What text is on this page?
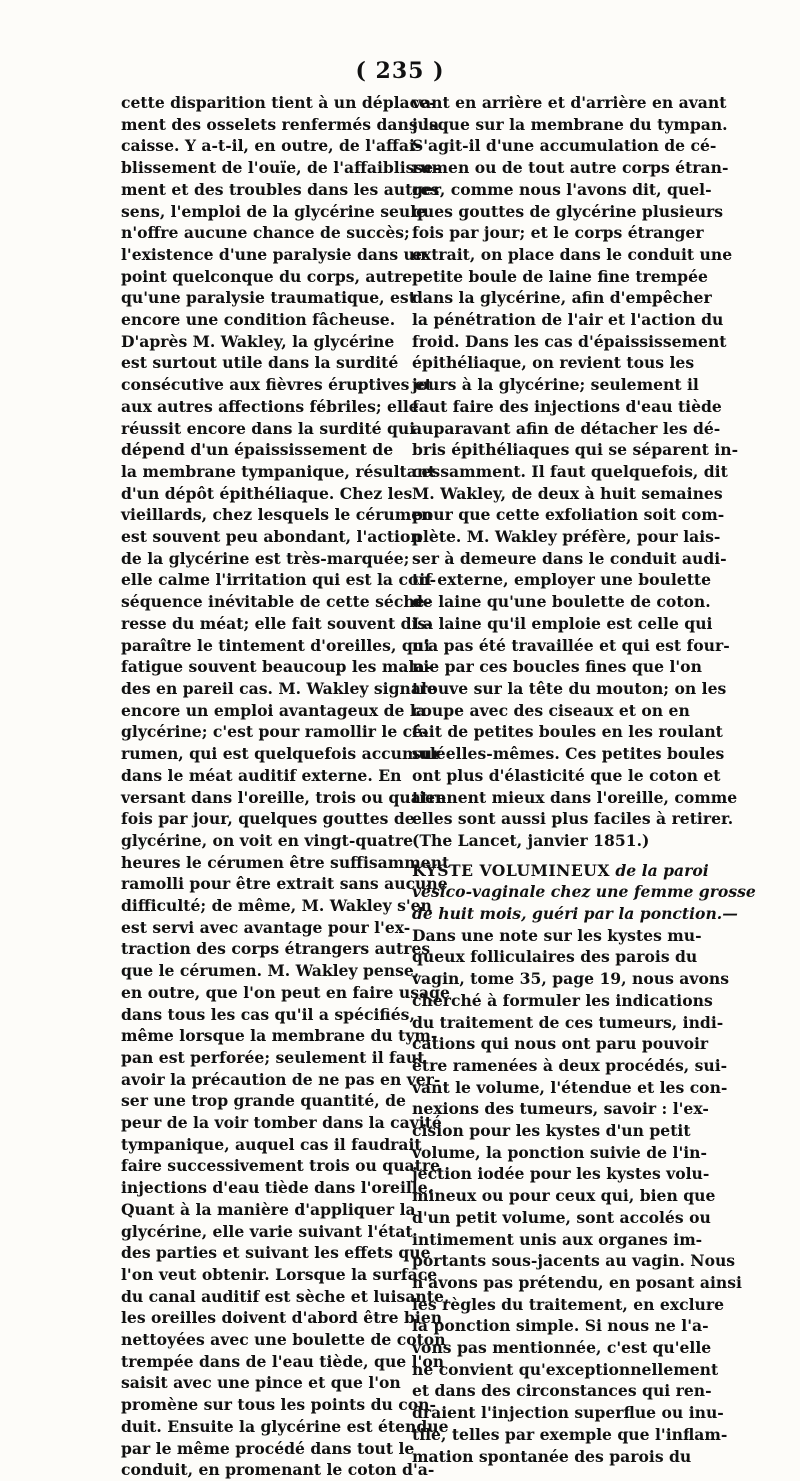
( 235 )
cette disparition tient à un déplace-
ment des osselets renfermés dans la
caisse. Y a-t-il, en outre, de l'affai-
blissement de l'ouïe, de l'affaiblisse-
ment et des troubles dans les autres
sens, l'emploi de la glycérine seule
n'offre aucune chance de succès;
l'existence d'une paralysie dans un
point quelconque du corps, autre
qu'une paralysie traumatique, est
encore une condition fâcheuse.
D'après M. Wakley, la glycérine
est surtout utile dans la surdité
consécutive aux fièvres éruptives et
aux autres affections fébriles; elle
réussit encore dans la surdité qui
dépend d'un épaississement de
la membrane tympanique, résultant
d'un dépôt épithéliaque. Chez les
vieillards, chez lesquels le cérumen
est souvent peu abondant, l'action
de la glycérine est très-marquée;
elle calme l'irritation qui est la con-
séquence inévitable de cette séche-
resse du méat; elle fait souvent dis-
paraître le tintement d'oreilles, qui
fatigue souvent beaucoup les mala-
des en pareil cas. M. Wakley signale
encore un emploi avantageux de la
glycérine; c'est pour ramollir le cé-
rumen, qui est quelquefois accumulé
dans le méat auditif externe. En
versant dans l'oreille, trois ou quatre
fois par jour, quelques gouttes de
glycérine, on voit en vingt-quatre
heures le cérumen être suffisamment
ramolli pour être extrait sans aucune
difficulté; de même, M. Wakley s'en
est servi avec avantage pour l'ex-
traction des corps étrangers autres
que le cérumen. M. Wakley pense,
en outre, que l'on peut en faire usage
dans tous les cas qu'il a spécifiés,
même lorsque la membrane du tym-
pan est perforée; seulement il faut
avoir la précaution de ne pas en ver-
ser une trop grande quantité, de
peur de la voir tomber dans la cavité
tympanique, auquel cas il faudrait
faire successivement trois ou quatre
injections d'eau tiède dans l'oreille.
Quant à la manière d'appliquer la
glycérine, elle varie suivant l'état
des parties et suivant les effets que
l'on veut obtenir. Lorsque la surface
du canal auditif est sèche et luisante,
les oreilles doivent d'abord être bien
nettoyées avec une boulette de coton
trempée dans de l'eau tiède, que l'on
saisit avec une pince et que l'on
promène sur tous les points du con-
duit. Ensuite la glycérine est étendue
par le même procédé dans tout le
conduit, en promenant le coton d'a-
vant en arrière et d'arrière en avant
jusque sur la membrane du tympan.
S'agit-il d'une accumulation de cé-
rumen ou de tout autre corps étran-
ger, comme nous l'avons dit, quel-
ques gouttes de glycérine plusieurs
fois par jour; et le corps étranger
extrait, on place dans le conduit une
petite boule de laine fine trempée
dans la glycérine, afin d'empêcher
la pénétration de l'air et l'action du
froid. Dans les cas d'épaississement
épithéliaque, on revient tous les
jours à la glycérine; seulement il
faut faire des injections d'eau tiède
auparavant afin de détacher les dé-
bris épithéliaques qui se séparent in-
cessamment. Il faut quelquefois, dit
M. Wakley, de deux à huit semaines
pour que cette exfoliation soit com-
plète. M. Wakley préfère, pour lais-
ser à demeure dans le conduit audi-
tif externe, employer une boulette
de laine qu'une boulette de coton.
La laine qu'il emploie est celle qui
n'a pas été travaillée et qui est four-
nie par ces boucles fines que l'on
trouve sur la tête du mouton; on les
coupe avec des ciseaux et on en
fait de petites boules en les roulant
sur elles-mêmes. Ces petites boules
ont plus d'élasticité que le coton et
tiennent mieux dans l'oreille, comme
elles sont aussi plus faciles à retirer.
(The Lancet, janvier 1851.)
KYSTE VOLUMINEUX de la paroi
vésico-vaginale chez une femme grosse
de huit mois, guéri par la ponction.—
Dans une note sur les kystes mu-
queux folliculaires des parois du
vagin, tome 35, page 19, nous avons
cherché à formuler les indications
du traitement de ces tumeurs, indi-
cations qui nous ont paru pouvoir
être ramenées à deux procédés, sui-
vant le volume, l'étendue et les con-
nexions des tumeurs, savoir : l'ex-
cision pour les kystes d'un petit
volume, la ponction suivie de l'in-
jection iodée pour les kystes volu-
mineux ou pour ceux qui, bien que
d'un petit volume, sont accolés ou
intimement unis aux organes im-
portants sous-jacents au vagin. Nous
n'avons pas prétendu, en posant ainsi
les règles du traitement, en exclure
la ponction simple. Si nous ne l'a-
vons pas mentionnée, c'est qu'elle
ne convient qu'exceptionnellement
et dans des circonstances qui ren-
draient l'injection superflue ou inu-
tile, telles par exemple que l'inflam-
mation spontanée des parois du
